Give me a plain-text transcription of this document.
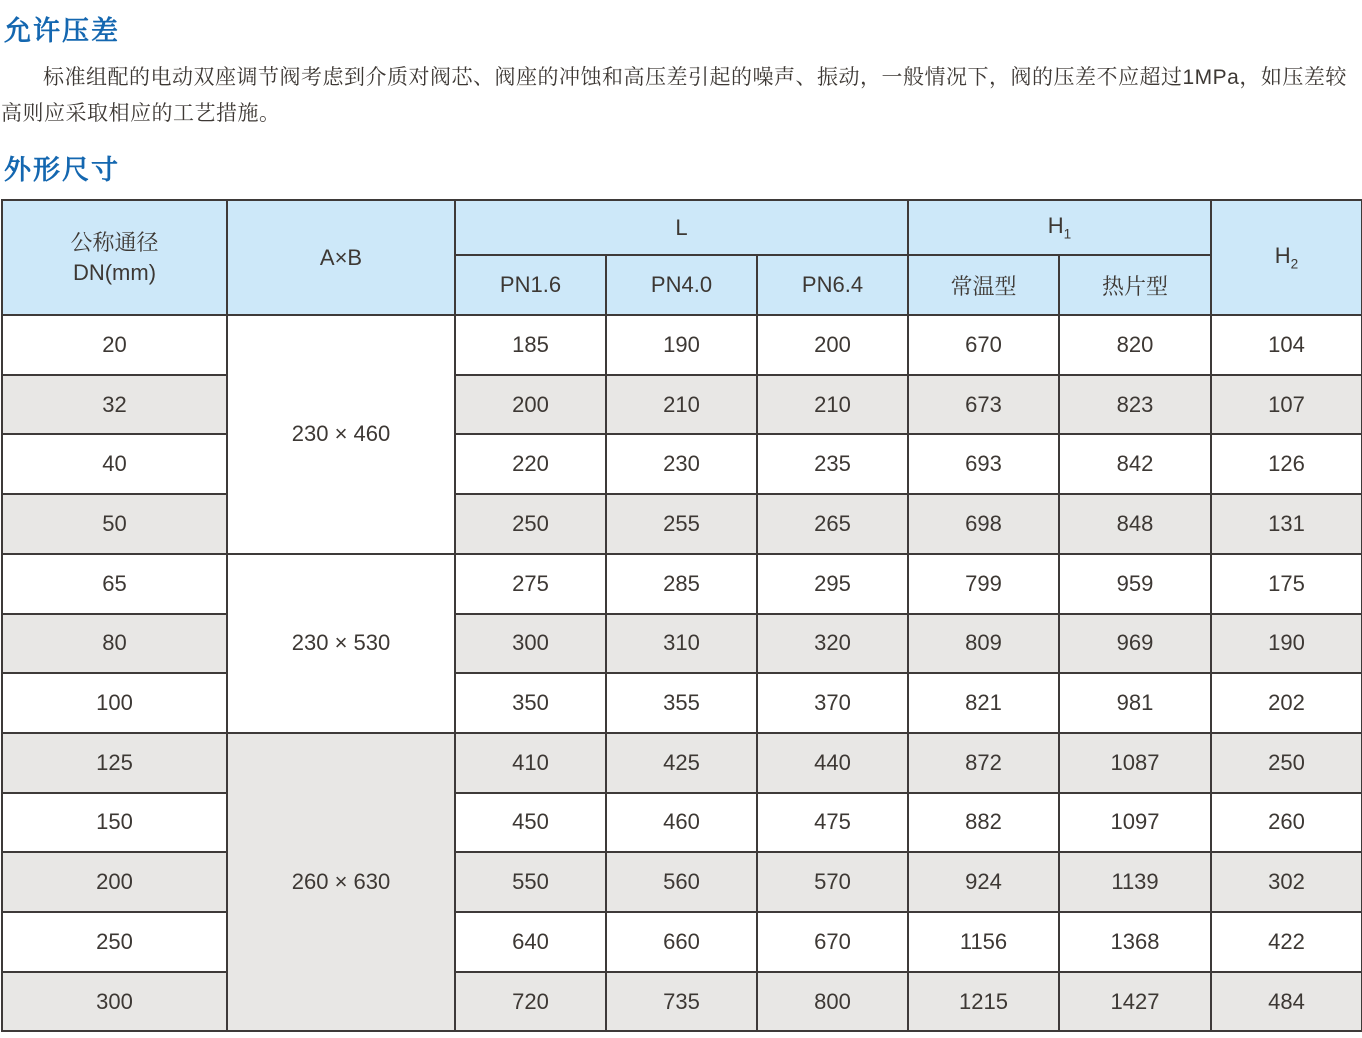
允许压差

标准组配的电动双座调节阀考虑到介质对阀芯、阀座的冲蚀和高压差引起的噪声、振动，一般情况下，阀的压差不应超过1MPa，如压差较高则应采取相应的工艺措施。

外形尺寸
公称通径
DN(mm)	A×B	L			$H_1$		$H_2$
		PN1.6	PN4.0	PN6.4	常温型	热片型	
20	230 × 460	185	190	200	670	820	104
32		200	210	210	673	823	107
40		220	230	235	693	842	126
50		250	255	265	698	848	131
65	230 × 530	275	285	295	799	959	175
80		300	310	320	809	969	190
100		350	355	370	821	981	202
125	260 × 630	410	425	440	872	1087	250
150		450	460	475	882	1097	260
200		550	560	570	924	1139	302
250		640	660	670	1156	1368	422
300		720	735	800	1215	1427	484
